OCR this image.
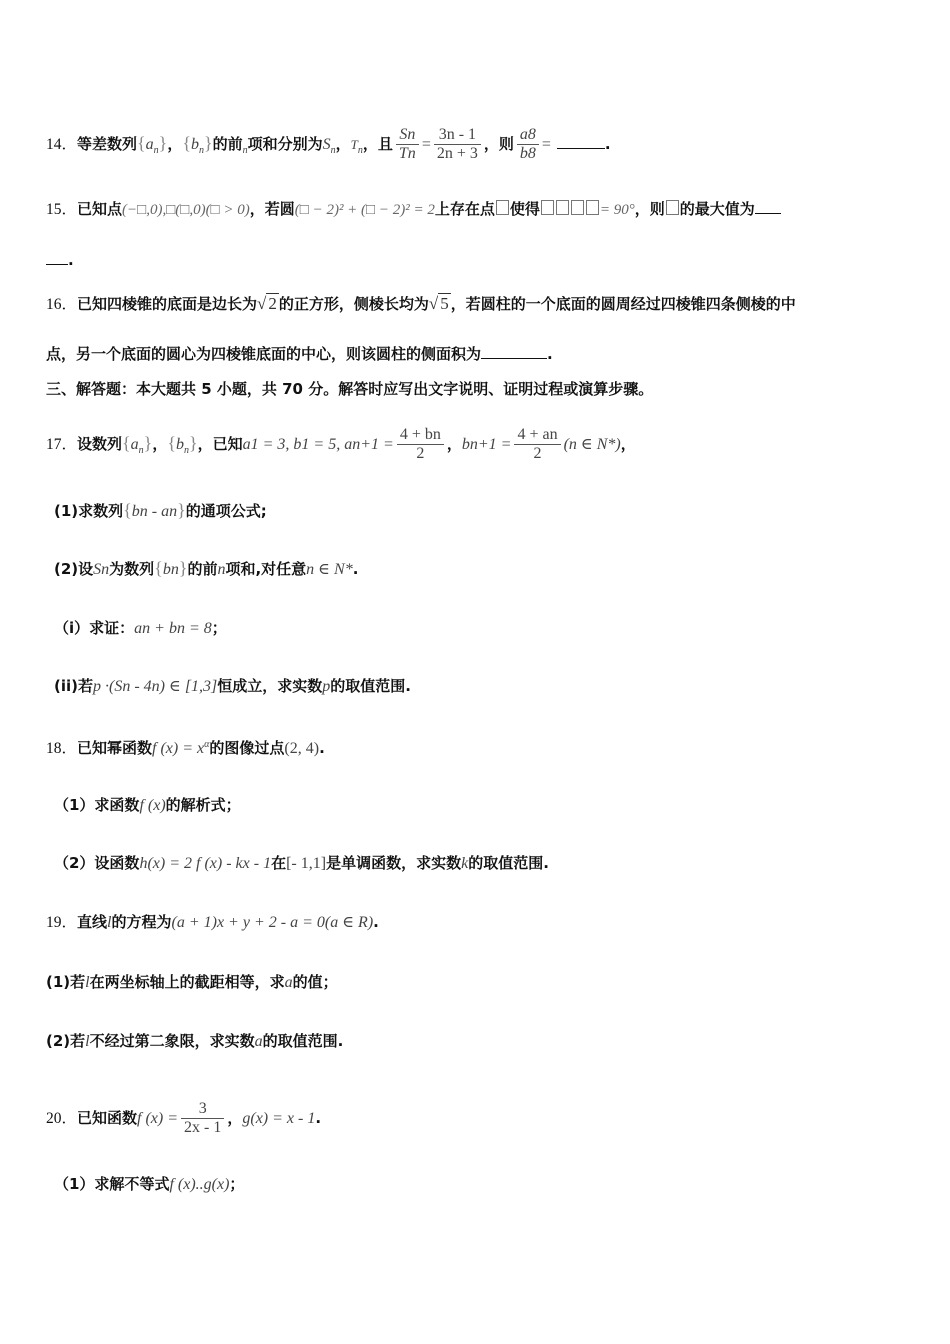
14．等差数列$\{a_n\}$，$\{b_n\}$的前$_n$项和分别为$S_n$，$T_n$，且 $\frac{Sn}{Tn} = \frac{3n - 1}{2n + 3}$ ，则 $\frac{a8}{b8}$ =	.
15．已知点(−□,0),□(□,0)(□ > 0)，若圆(□ − 2)² + (□ − 2)² = 2上存在点 使得	= 90°，则 的最大值为
.
16．已知四棱锥的底面是边长为√ 2 的正方形，侧棱长均为√ 5 ，若圆柱的一个底面的圆周经过四棱锥四条侧棱的中
点，另一个底面的圆心为四棱锥底面的中心，则该圆柱的侧面积为	.
三、解答题：本大题共 5 小题，共 70 分。解答时应写出文字说明、证明过程或演算步骤。
17．设数列$\{a_n\}$，$\{b_n\}$，已知a1 = 3, b1 = 5, $an+1 = \frac{4 + bn}{2}$ ，$bn+1 = \frac{4 + an}{2} (n$ ∈ N*)，
(1)求数列{bn - an}的通项公式;
(2)设Sn为数列{bn}的前n项和,对任意n ∈ N*.
（i）求证：an + bn = 8；
(ii)若p ·(Sn - 4n) ∈ [1,3]恒成立，求实数p的取值范围.
18．已知幂函数f $(x) = x^\alpha$的图像过点(2, 4).
（1）求函数f (x)的解析式；
（2）设函数h(x) = 2 f (x) - kx - 1在[- 1,1]是单调函数，求实数k的取值范围.
19．直线l的方程为(a + 1)x + y + 2 - a = 0(a ∈ R).
(1)若l在两坐标轴上的截距相等，求a的值；
(2)若l不经过第二象限，求实数a的取值范围.
20．已知函数f $(x) = \frac{3}{2x - 1}$ ，g(x) = x - 1.
（1）求解不等式f (x)..g(x)；
